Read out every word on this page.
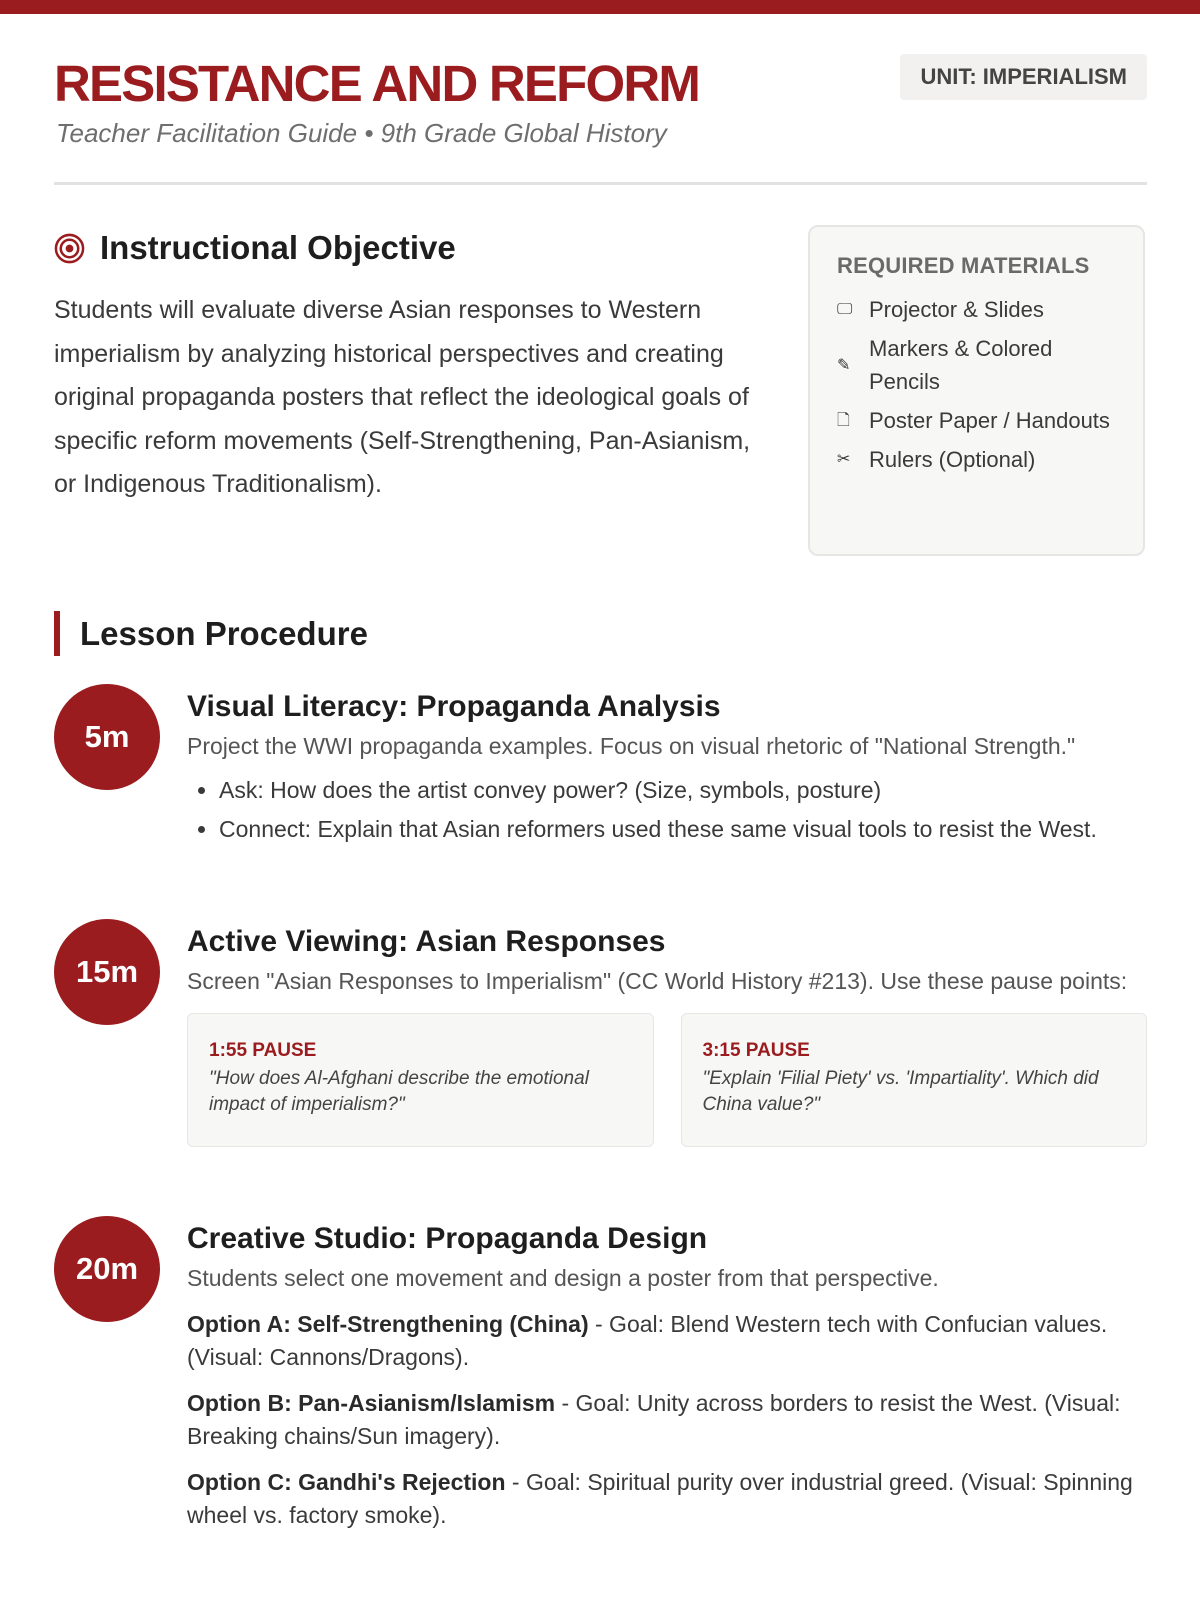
RESISTANCE AND REFORM
Teacher Facilitation Guide • 9th Grade Global History
UNIT: IMPERIALISM
Instructional Objective
Students will evaluate diverse Asian responses to Western imperialism by analyzing historical perspectives and creating original propaganda posters that reflect the ideological goals of specific reform movements (Self-Strengthening, Pan-Asianism, or Indigenous Traditionalism).
REQUIRED MATERIALS
🖵 Projector & Slides
✎
Markers & Colored Pencils
🗋 Poster Paper / Handouts
✂ Rulers (Optional)
Lesson Procedure
5m
Visual Literacy: Propaganda Analysis
Project the WWI propaganda examples. Focus on visual rhetoric of "National Strength."
• Ask: How does the artist convey power? (Size, symbols, posture)
• Connect: Explain that Asian reformers used these same visual tools to resist the West.
15m
Active Viewing: Asian Responses
Screen "Asian Responses to Imperialism" (CC World History #213). Use these pause points:
1:55 PAUSE
"How does Al-Afghani describe the emotional impact of imperialism?"
3:15 PAUSE
"Explain 'Filial Piety' vs. 'Impartiality'. Which did China value?"
20m
Creative Studio: Propaganda Design
Students select one movement and design a poster from that perspective.
Option A: Self-Strengthening (China) - Goal: Blend Western tech with Confucian values. (Visual: Cannons/Dragons).
Option B: Pan-Asianism/Islamism - Goal: Unity across borders to resist the West. (Visual: Breaking chains/Sun imagery).
Option C: Gandhi's Rejection - Goal: Spiritual purity over industrial greed. (Visual: Spinning wheel vs. factory smoke).
